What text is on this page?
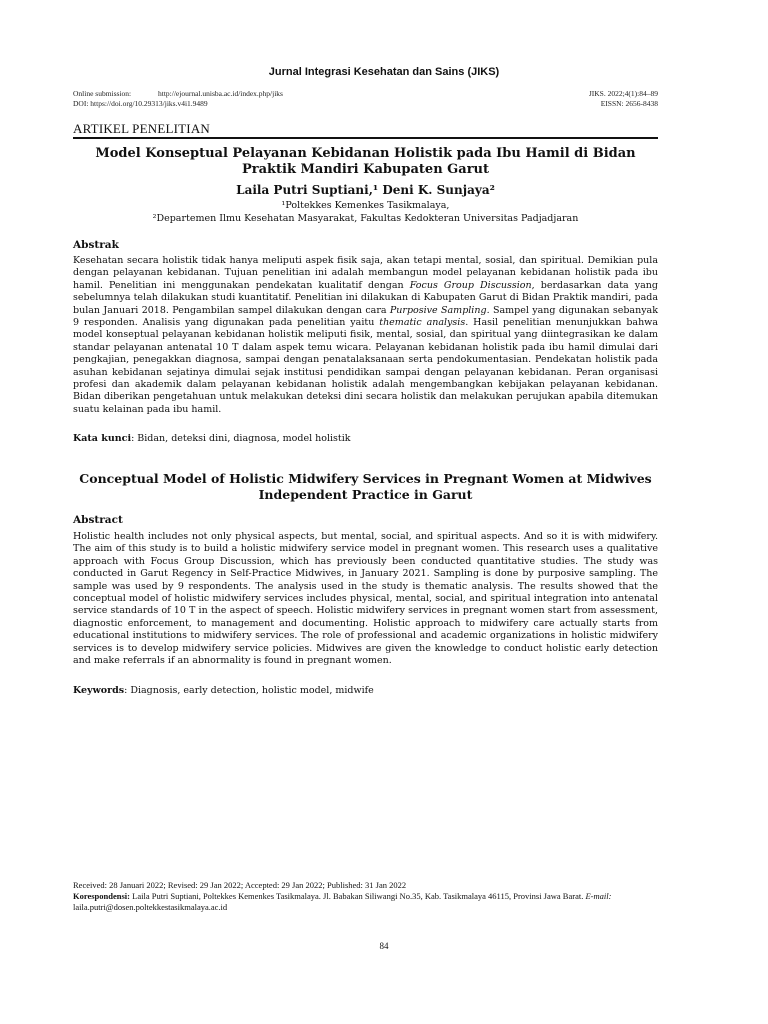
Jurnal Integrasi Kesehatan dan Sains (JIKS)
Online submission:	http://ejournal.unisba.ac.id/index.php/jiks
DOI: https://doi.org/10.29313/jiks.v4i1.9489
JIKS. 2022;4(1):84–89
EISSN: 2656-8438
ARTIKEL PENELITIAN
Model Konseptual Pelayanan Kebidanan Holistik pada Ibu Hamil di Bidan Praktik Mandiri Kabupaten Garut
Laila Putri Suptiani,¹ Deni K. Sunjaya²
¹Poltekkes Kemenkes Tasikmalaya,
²Departemen Ilmu Kesehatan Masyarakat, Fakultas Kedokteran Universitas Padjadjaran
Abstrak
Kesehatan secara holistik tidak hanya meliputi aspek fisik saja, akan tetapi mental, sosial, dan spiritual. Demikian pula dengan pelayanan kebidanan. Tujuan penelitian ini adalah membangun model pelayanan kebidanan holistik pada ibu hamil. Penelitian ini menggunakan pendekatan kualitatif dengan Focus Group Discussion, berdasarkan data yang sebelumnya telah dilakukan studi kuantitatif. Penelitian ini dilakukan di Kabupaten Garut di Bidan Praktik mandiri, pada bulan Januari 2018. Pengambilan sampel dilakukan dengan cara Purposive Sampling. Sampel yang digunakan sebanyak 9 responden. Analisis yang digunakan pada penelitian yaitu thematic analysis. Hasil penelitian menunjukkan bahwa model konseptual pelayanan kebidanan holistik meliputi fisik, mental, sosial, dan spiritual yang diintegrasikan ke dalam standar pelayanan antenatal 10 T dalam aspek temu wicara. Pelayanan kebidanan holistik pada ibu hamil dimulai dari pengkajian, penegakkan diagnosa, sampai dengan penatalaksanaan serta pendokumentasian. Pendekatan holistik pada asuhan kebidanan sejatinya dimulai sejak institusi pendidikan sampai dengan pelayanan kebidanan. Peran organisasi profesi dan akademik dalam pelayanan kebidanan holistik adalah mengembangkan kebijakan pelayanan kebidanan. Bidan diberikan pengetahuan untuk melakukan deteksi dini secara holistik dan melakukan perujukan apabila ditemukan suatu kelainan pada ibu hamil.
Kata kunci: Bidan, deteksi dini, diagnosa, model holistik
Conceptual Model of Holistic Midwifery Services in Pregnant Women at Midwives Independent Practice in Garut
Abstract
Holistic health includes not only physical aspects, but mental, social, and spiritual aspects. And so it is with midwifery. The aim of this study is to build a holistic midwifery service model in pregnant women. This research uses a qualitative approach with Focus Group Discussion, which has previously been conducted quantitative studies. The study was conducted in Garut Regency in Self-Practice Midwives, in January 2021. Sampling is done by purposive sampling. The sample was used by 9 respondents. The analysis used in the study is thematic analysis. The results showed that the conceptual model of holistic midwifery services includes physical, mental, social, and spiritual integration into antenatal service standards of 10 T in the aspect of speech. Holistic midwifery services in pregnant women start from assessment, diagnostic enforcement, to management and documenting. Holistic approach to midwifery care actually starts from educational institutions to midwifery services. The role of professional and academic organizations in holistic midwifery services is to develop midwifery service policies. Midwives are given the knowledge to conduct holistic early detection and make referrals if an abnormality is found in pregnant women.
Keywords: Diagnosis, early detection, holistic model, midwife
Received: 28 Januari 2022; Revised: 29 Jan 2022; Accepted: 29 Jan 2022; Published: 31 Jan 2022
Korespondensi: Laila Putri Suptiani, Poltekkes Kemenkes Tasikmalaya. Jl. Babakan Siliwangi No.35, Kab. Tasikmalaya 46115, Provinsi Jawa Barat. E-mail: laila.putri@dosen.poltekkestasikmalaya.ac.id
84
